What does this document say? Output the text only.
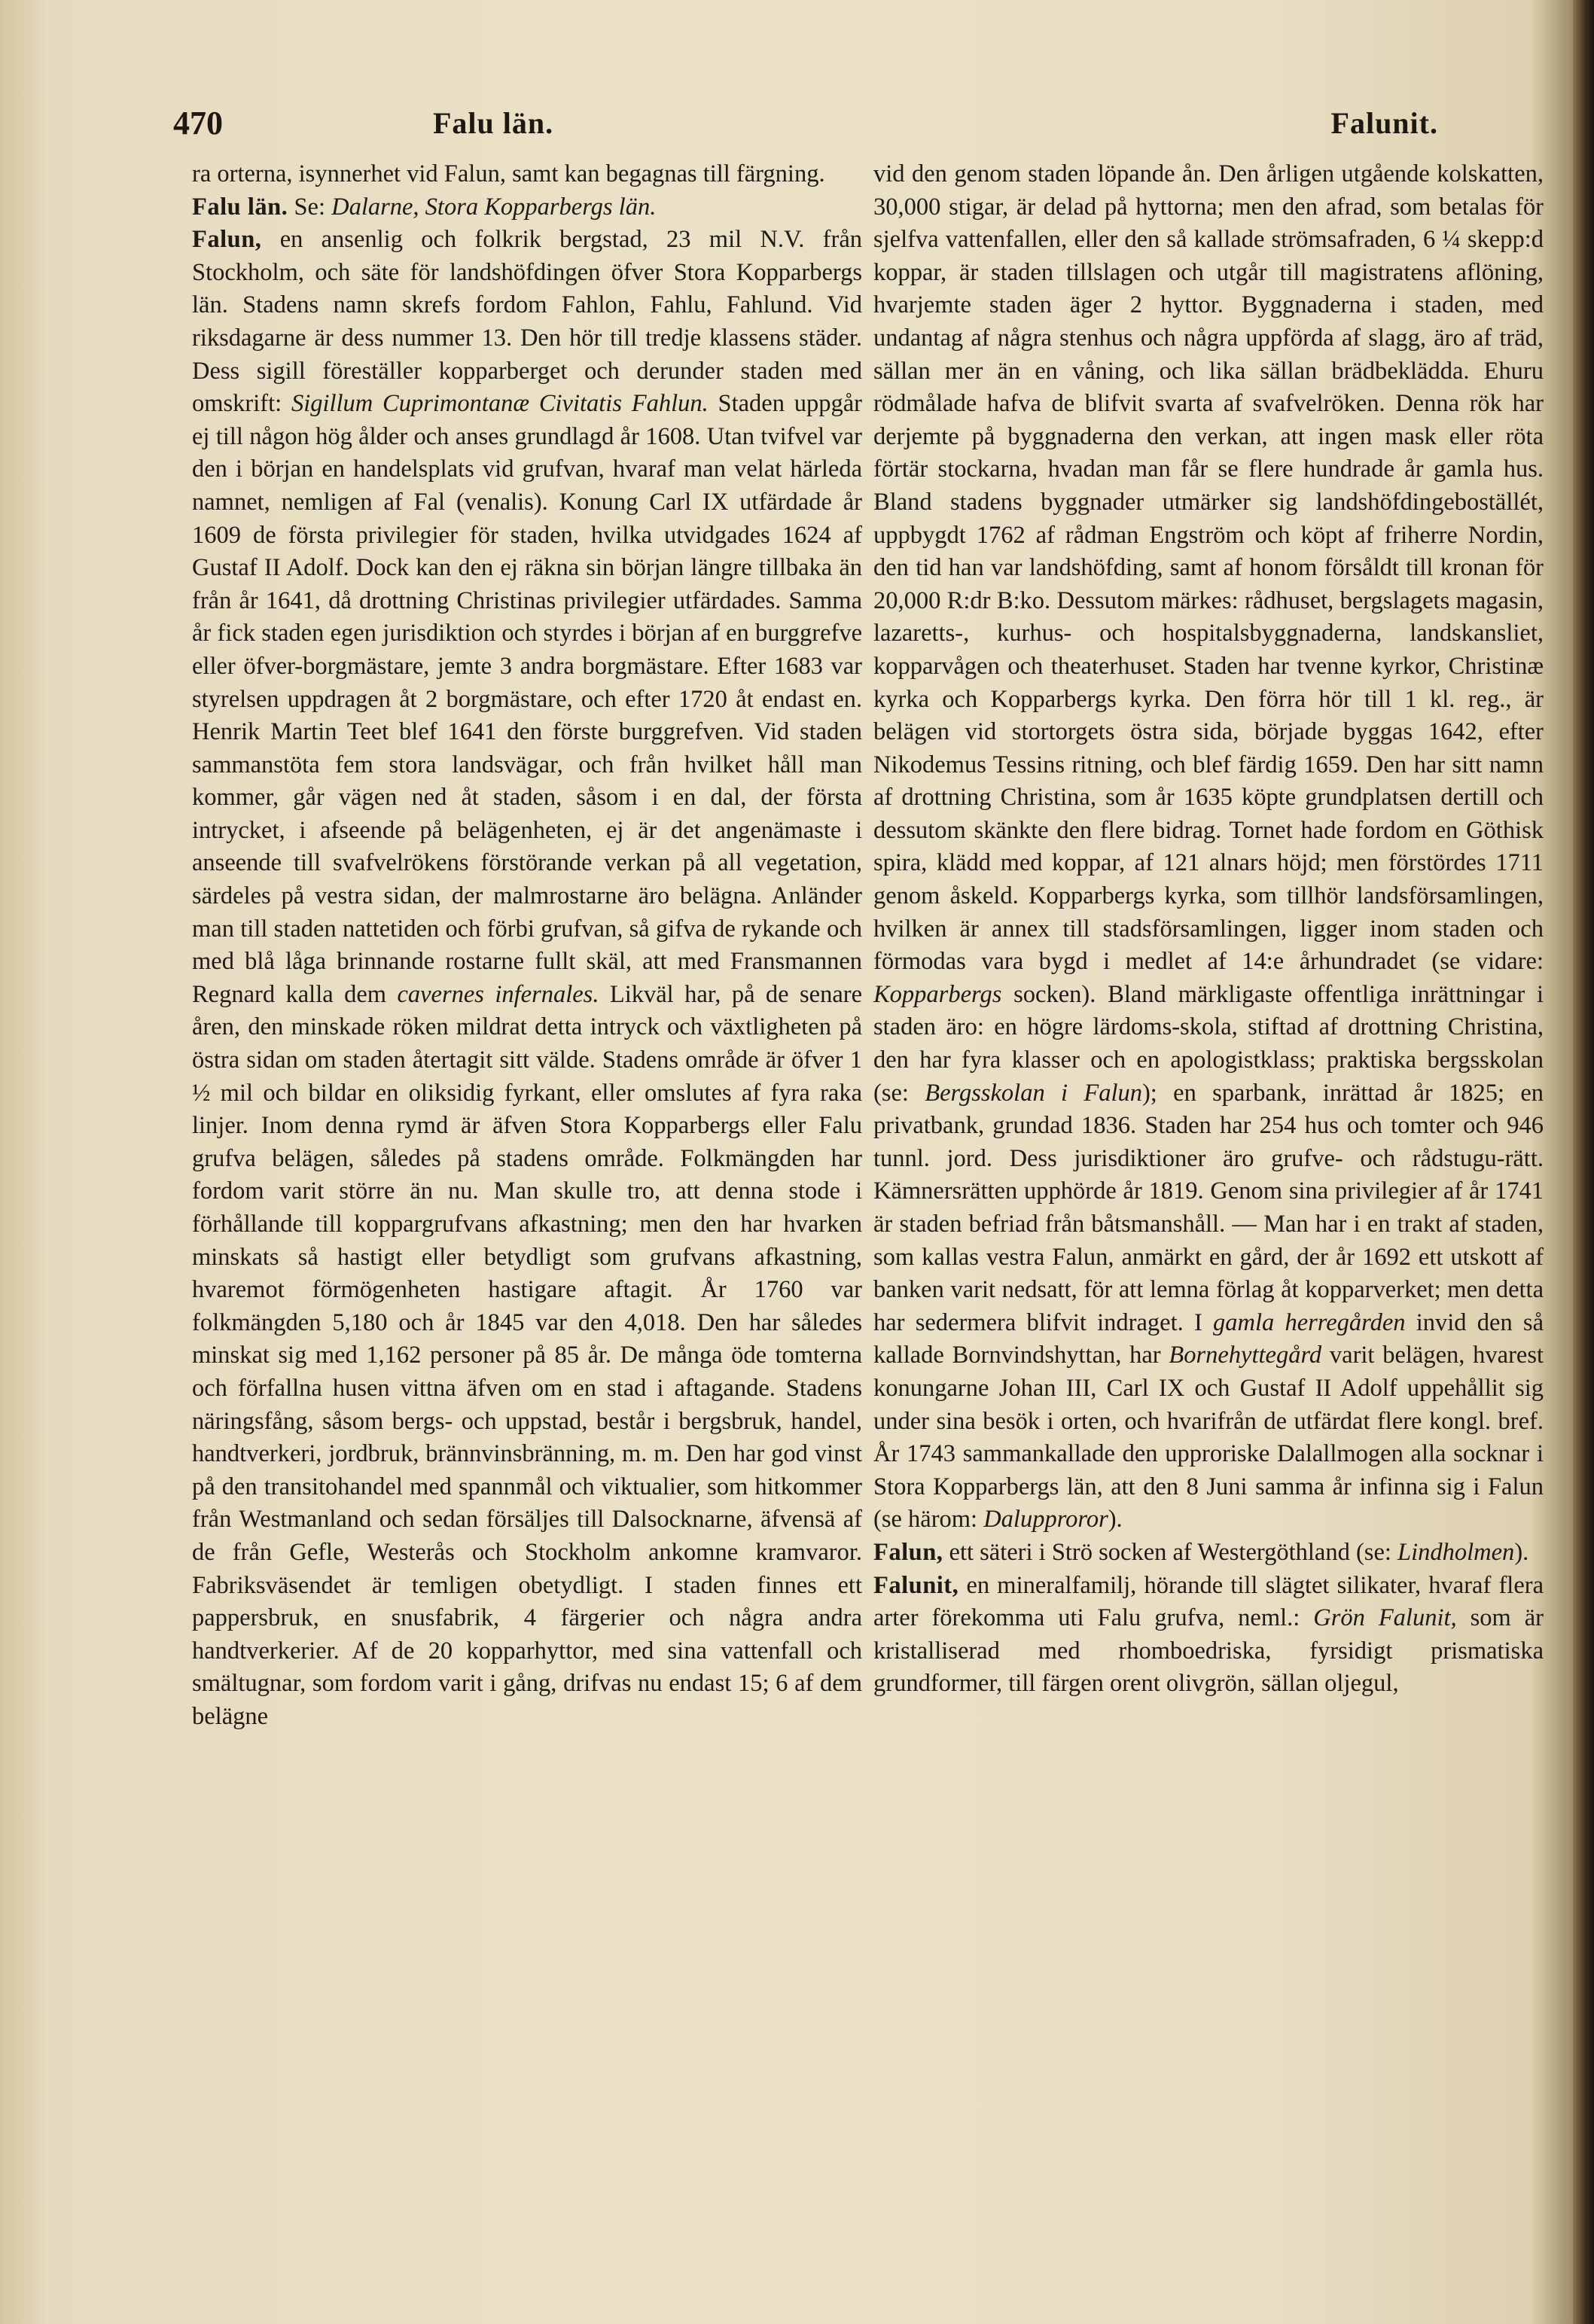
470	Falu län.	Falunit.

ra orterna, isynnerhet vid Falun, samt kan begagnas till färgning.

Falu län. Se: Dalarne, Stora Kopparbergs län.

Falun, en ansenlig och folkrik bergstad, 23 mil N.V. från Stockholm, och säte för landshöfdingen öfver Stora Kopparbergs län. Stadens namn skrefs fordom Fahlon, Fahlu, Fahlund. Vid riksdagarne är dess nummer 13. Den hör till tredje klassens städer. Dess sigill föreställer kopparberget och derunder staden med omskrift: Sigillum Cuprimontanæ Civitatis Fahlun. Staden uppgår ej till någon hög ålder och anses grundlagd år 1608. Utan tvifvel var den i början en handelsplats vid grufvan, hvaraf man velat härleda namnet, nemligen af Fal (venalis). Konung Carl IX utfärdade år 1609 de första privilegier för staden, hvilka utvidgades 1624 af Gustaf II Adolf. Dock kan den ej räkna sin början längre tillbaka än från år 1641, då drottning Christinas privilegier utfärdades. Samma år fick staden egen jurisdiktion och styrdes i början af en burggrefve eller öfver-borgmästare, jemte 3 andra borgmästare. Efter 1683 var styrelsen uppdragen åt 2 borgmästare, och efter 1720 åt endast en. Henrik Martin Teet blef 1641 den förste burggrefven. Vid staden sammanstöta fem stora landsvägar, och från hvilket håll man kommer, går vägen ned åt staden, såsom i en dal, der första intrycket, i afseende på belägenheten, ej är det angenämaste i anseende till svafvelrökens förstörande verkan på all vegetation, särdeles på vestra sidan, der malmrostarne äro belägna. Anländer man till staden nattetiden och förbi grufvan, så gifva de rykande och med blå låga brinnande rostarne fullt skäl, att med Fransmannen Regnard kalla dem cavernes infernales. Likväl har, på de senare åren, den minskade röken mildrat detta intryck och växtligheten på östra sidan om staden återtagit sitt välde. Stadens område är öfver 1 ½ mil och bildar en oliksidig fyrkant, eller omslutes af fyra raka linjer. Inom denna rymd är äfven Stora Kopparbergs eller Falu grufva belägen, således på stadens område. Folkmängden har fordom varit större än nu. Man skulle tro, att denna stode i förhållande till koppargrufvans afkastning; men den har hvarken minskats så hastigt eller betydligt som grufvans afkastning, hvaremot förmögenheten hastigare aftagit. År 1760 var folkmängden 5,180 och år 1845 var den 4,018. Den har således minskat sig med 1,162 personer på 85 år. De många öde tomterna och förfallna husen vittna äfven om en stad i aftagande. Stadens näringsfång, såsom bergs- och uppstad, består i bergsbruk, handel, handtverkeri, jordbruk, brännvinsbränning, m. m. Den har god vinst på den transitohandel med spannmål och viktualier, som hitkommer från Westmanland och sedan försäljes till Dalsocknarne, äfvensä af de från Gefle, Westerås och Stockholm ankomne kramvaror. Fabriksväsendet är temligen obetydligt. I staden finnes ett pappersbruk, en snusfabrik, 4 färgerier och några andra handtverkerier. Af de 20 kopparhyttor, med sina vattenfall och smältugnar, som fordom varit i gång, drifvas nu endast 15; 6 af dem belägne

vid den genom staden löpande ån. Den årligen utgående kolskatten, 30,000 stigar, är delad på hyttorna; men den afrad, som betalas för sjelfva vattenfallen, eller den så kallade strömsafraden, 6 ¼ skepp:d koppar, är staden tillslagen och utgår till magistratens aflöning, hvarjemte staden äger 2 hyttor. Byggnaderna i staden, med undantag af några stenhus och några uppförda af slagg, äro af träd, sällan mer än en våning, och lika sällan brädbeklädda. Ehuru rödmålade hafva de blifvit svarta af svafvelröken. Denna rök har derjemte på byggnaderna den verkan, att ingen mask eller röta förtär stockarna, hvadan man får se flere hundrade år gamla hus. Bland stadens byggnader utmärker sig landshöfdingeboställét, uppbygdt 1762 af rådman Engström och köpt af friherre Nordin, den tid han var landshöfding, samt af honom försåldt till kronan för 20,000 R:dr B:ko. Dessutom märkes: rådhuset, bergslagets magasin, lazaretts-, kurhus- och hospitalsbyggnaderna, landskansliet, kopparvågen och theaterhuset. Staden har tvenne kyrkor, Christinæ kyrka och Kopparbergs kyrka. Den förra hör till 1 kl. reg., är belägen vid stortorgets östra sida, började byggas 1642, efter Nikodemus Tessins ritning, och blef färdig 1659. Den har sitt namn af drottning Christina, som år 1635 köpte grundplatsen dertill och dessutom skänkte den flere bidrag. Tornet hade fordom en Göthisk spira, klädd med koppar, af 121 alnars höjd; men förstördes 1711 genom åskeld. Kopparbergs kyrka, som tillhör landsförsamlingen, hvilken är annex till stadsförsamlingen, ligger inom staden och förmodas vara bygd i medlet af 14:e århundradet (se vidare: Kopparbergs socken). Bland märkligaste offentliga inrättningar i staden äro: en högre lärdoms-skola, stiftad af drottning Christina, den har fyra klasser och en apologistklass; praktiska bergsskolan (se: Bergsskolan i Falun); en sparbank, inrättad år 1825; en privatbank, grundad 1836. Staden har 254 hus och tomter och 946 tunnl. jord. Dess jurisdiktioner äro grufve- och rådstugu-rätt. Kämnersrätten upphörde år 1819. Genom sina privilegier af år 1741 är staden befriad från båtsmanshåll. — Man har i en trakt af staden, som kallas vestra Falun, anmärkt en gård, der år 1692 ett utskott af banken varit nedsatt, för att lemna förlag åt kopparverket; men detta har sedermera blifvit indraget. I gamla herregården invid den så kallade Bornvindshyttan, har Bornehyttegård varit belägen, hvarest konungarne Johan III, Carl IX och Gustaf II Adolf uppehållit sig under sina besök i orten, och hvarifrån de utfärdat flere kongl. bref. År 1743 sammankallade den upproriske Dalallmogen alla socknar i Stora Kopparbergs län, att den 8 Juni samma år infinna sig i Falun (se härom: Dalupproror).

Falun, ett säteri i Strö socken af Westergöthland (se: Lindholmen).

Falunit, en mineralfamilj, hörande till slägtet silikater, hvaraf flera arter förekomma uti Falu grufva, neml.: Grön Falunit, som är kristalliserad med rhomboedriska, fyrsidigt prismatiska grundformer, till färgen orent olivgrön, sällan oljegul,
